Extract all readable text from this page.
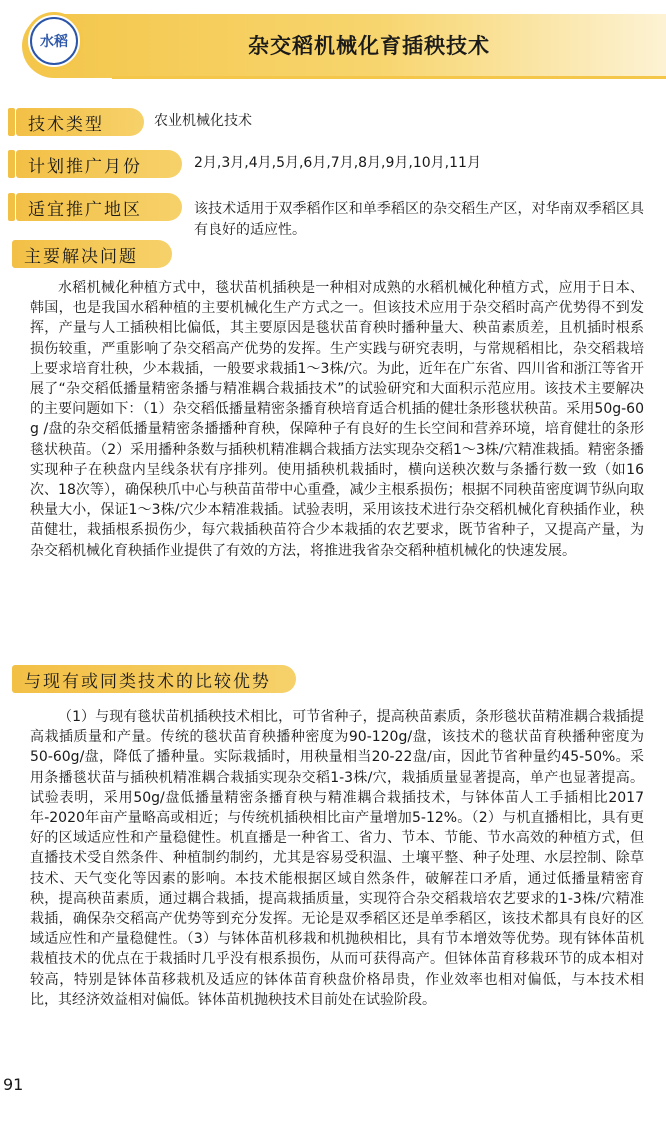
水稻	杂交稻机械化育插秧技术
技术类型	农业机械化技术
计划推广月份	2月,3月,4月,5月,6月,7月,8月,9月,10月,11月
适宜推广地区	该技术适用于双季稻作区和单季稻区的杂交稻生产区，对华南双季稻区具有良好的适应性。
主要解决问题

水稻机械化种植方式中，毯状苗机插秧是一种相对成熟的水稻机械化种植方式，应用于日本、韩国，也是我国水稻种植的主要机械化生产方式之一。但该技术应用于杂交稻时高产优势得不到发挥，产量与人工插秧相比偏低，其主要原因是毯状苗育秧时播种量大、秧苗素质差，且机插时根系损伤较重，严重影响了杂交稻高产优势的发挥。生产实践与研究表明，与常规稻相比，杂交稻栽培上要求培育壮秧，少本栽插，一般要求栽插1～3株/穴。为此，近年在广东省、四川省和浙江等省开展了“杂交稻低播量精密条播与精准耦合栽插技术”的试验研究和大面积示范应用。该技术主要解决的主要问题如下：（1）杂交稻低播量精密条播育秧培育适合机插的健壮条形毯状秧苗。采用50g-60 g /盘的杂交稻低播量精密条播播种育秧，保障种子有良好的生长空间和营养环境，培育健壮的条形毯状秧苗。（2）采用播种条数与插秧机精准耦合栽插方法实现杂交稻1～3株/穴精准栽插。精密条播实现种子在秧盘内呈线条状有序排列。使用插秧机栽插时，横向送秧次数与条播行数一致（如16次、18次等），确保秧爪中心与秧苗苗带中心重叠，减少主根系损伤；根据不同秧苗密度调节纵向取秧量大小，保证1～3株/穴少本精准栽插。试验表明，采用该技术进行杂交稻机械化育秧插作业，秧苗健壮，栽插根系损伤少，每穴栽插秧苗符合少本栽插的农艺要求，既节省种子，又提高产量，为杂交稻机械化育秧插作业提供了有效的方法，将推进我省杂交稻种植机械化的快速发展。

与现有或同类技术的比较优势

（1）与现有毯状苗机插秧技术相比，可节省种子，提高秧苗素质，条形毯状苗精准耦合栽插提高栽插质量和产量。传统的毯状苗育秧播种密度为90-120g/盘，该技术的毯状苗育秧播种密度为50-60g/盘，降低了播种量。实际栽插时，用秧量相当20-22盘/亩，因此节省种量约45-50%。采用条播毯状苗与插秧机精准耦合栽插实现杂交稻1-3株/穴，栽插质量显著提高，单产也显著提高。试验表明，采用50g/盘低播量精密条播育秧与精准耦合栽插技术，与钵体苗人工手插相比2017年-2020年亩产量略高或相近；与传统机插秧相比亩产量增加5-12%。（2）与机直播相比，具有更好的区域适应性和产量稳健性。机直播是一种省工、省力、节本、节能、节水高效的种植方式，但直播技术受自然条件、种植制约制约，尤其是容易受积温、土壤平整、种子处理、水层控制、除草技术、天气变化等因素的影响。本技术能根据区域自然条件，破解茬口矛盾，通过低播量精密育秧，提高秧苗素质，通过耦合栽插，提高栽插质量，实现符合杂交稻栽培农艺要求的1-3株/穴精准栽插，确保杂交稻高产优势等到充分发挥。无论是双季稻区还是单季稻区，该技术都具有良好的区域适应性和产量稳健性。（3）与钵体苗机移栽和机抛秧相比，具有节本增效等优势。现有钵体苗机栽植技术的优点在于栽插时几乎没有根系损伤，从而可获得高产。但钵体苗育移栽环节的成本相对较高，特别是钵体苗移栽机及适应的钵体苗育秧盘价格昂贵，作业效率也相对偏低，与本技术相比，其经济效益相对偏低。钵体苗机抛秧技术目前处在试验阶段。

91
